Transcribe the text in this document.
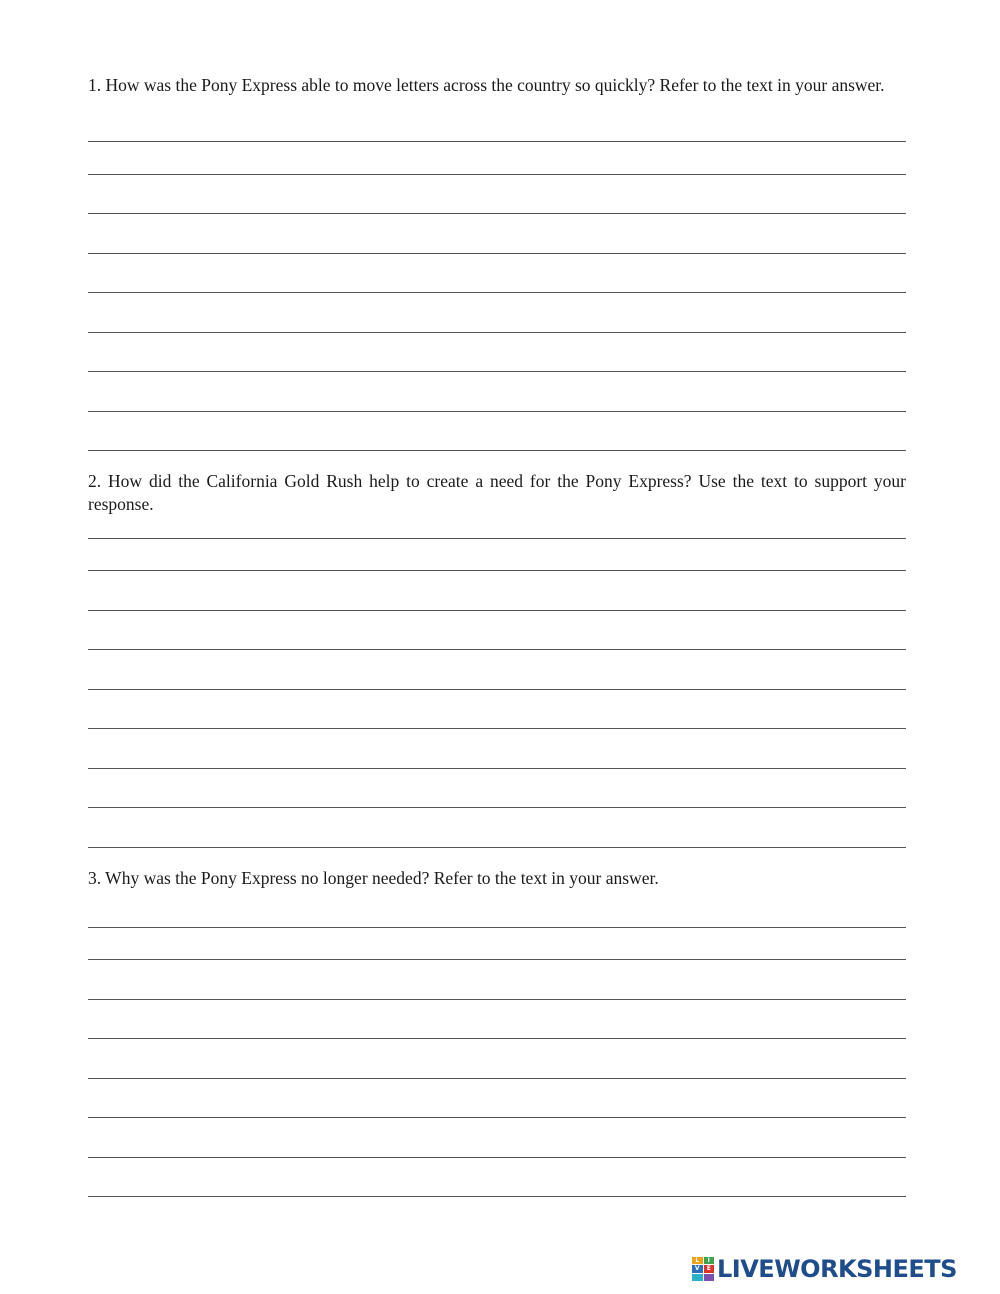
1. How was the Pony Express able to move letters across the country so quickly? Refer to the text in your answer.

2. How did the California Gold Rush help to create a need for the Pony Express? Use the text to support your response.

3. Why was the Pony Express no longer needed? Refer to the text in your answer.

L	I
V	E LIVEWORKSHEETS
